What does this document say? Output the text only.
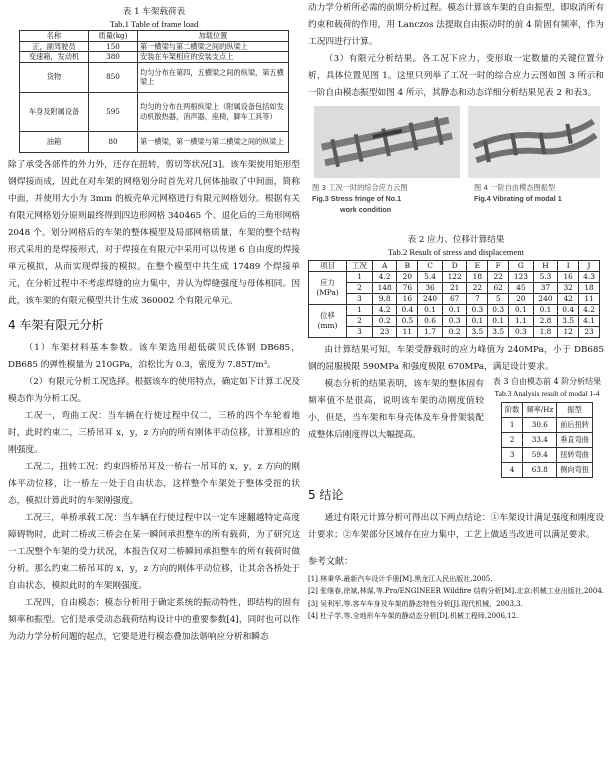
表 1 车架载荷表
Tab.1 Table of frame load
名称	质量(kg)	加载位置
正，副驾驶员	150	第一横梁与第二横梁之间的纵梁上
变速箱，发动机	380	安装在车架相应的安装支点上
货物	850	均匀分布在第四，五横梁之间的纵梁，第五横梁上
车身及附属设备	595	均匀的分布在两根纵梁上（附属设备包括如发动机散热器，消声器，座椅，脚车工具等）
油箱	80	第一横梁，第一横梁与第二横梁之间的纵梁上

除了承受各部件的外力外，还存在扭转，剪切等状况[3]。该车架使用矩形型钢焊接而成，因此在对车架的网格划分时首先对几何体抽取了中间面，简称中面，并使用大小为 3mm 的板壳单元网格进行有限元网格划分。根据有关有限元网格划分原则最终得到四边形网格 340465 个、退化后的三角形网格 2048 个。划分网格后的车架的整体模型及局部网格质量，车架的整个结构形式采用的是焊接形式，对于焊接在有限元中采用可以传递 6 自由度的焊接单元模拟，从而实现焊接的模拟。在整个模型中共生成 17489 个焊接单元，在分析过程中不考虑焊缝的应力集中，并认为焊缝强度与母体相同。因此，该车架的有限元模型共计生成 360002 个有限元单元。

4 车架有限元分析

（1）车架材料基本参数。该车架选用超低碳贝氏体钢 DB685，DB685 的弹性模量为 210GPa，泊松比为 0.3，密度为 7.85T/m³。

（2）有限元分析工况选择。根据该车的使用特点，确定如下计算工况及模态作为分析工况。

工况一，弯曲工况：当车辆在行使过程中仅二，三桥的四个车轮着地时，此时约束二，三桥吊耳 x，y，z 方向的所有刚体平动位移，计算相应的刚强度。

工况二，扭转工况：约束四桥吊耳及一桥右一吊耳的 x，y，z 方向的刚体平动位移，让一桥左一处于自由状态，这样整个车架处于整体受扭的状态，模拟计算此时的车架刚强度。

工况三，单桥承载工况：当车辆在行使过程中以一定车速翻越特定高度障碍物时，此时二桥或三桥会在某一瞬间承担整车的所有载荷，为了研究这一工况整个车架的受力状况，本报告仅对二桥瞬间承担整车的所有载荷时做分析。那么约束二桥吊耳的 x，y，z 方向的刚体平动位移，让其余各桥处于自由状态，模拟此时的车架刚强度。

工况四，自由模态：模态分析用于确定系统的振动特性，即结构的固有频率和振型。它们是承受动态载荷结构设计中的重要参数[4]，同时也可以作为动力学分析问题的起点，它要是进行模态叠加法谐响应分析和瞬态

动力学分析所必需的前期分析过程。模态计算该车架的自由振型，即取消所有约束和载荷的作用，用 Lanczos 法提取自由振动时的前 4 阶固有频率，作为工况四进行计算。

（3）有限元分析结果。各工况下应力，变形取一定数量的关键位置分析，具体位置见图 1。这里只列举了工况一时的综合应力云图如图 3 所示和一阶自由模态振型如图 4 所示，其静态和动态详细分析结果见表 2 和表3。

图 3 工况一时的综合应力云图
Fig.3 Stress fringe of No.1
work condition
图 4 一阶自由模态图振型
Fig.4 Vibrating of modal 1
表 2 应力、位移计算结果
Tab.2 Result of stress and displacement
项目	工况	A	B	C	D	E	F	G	H	I	J

应力
(MPa)	1	4.2	20	5.4	122	18	22	123	5.3	16	4.3
	2	148	76	36	21	22	62	45	37	32	18
	3	9.8	16	240	67	7	5	20	240	42	11

位移
(mm)	1	4.2	0.4	0.1	0.1	0.3	0.3	0.1	0.1	0.4	4.2
	2	0.2	0.5	0.6	0.3	0.1	0.1	1.1	2.8	3.5	4.1
	3	23	11	1.7	0.2	3.5	3.5	0.3	1.8	12	23

由计算结果可知，车架受静载时的应力峰值为 240MPa，小于 DB685 钢的屈服极限 590MPa 和强度极限 670MPa，满足设计要求。

模态分析的结果表明，该车架的整体固有频率值不是很高，说明该车架的动刚度值较小，但是，当车架和车身壳体及车身骨架装配成整体后刚度得以大幅提高。

表 3 自由模态前 4 阶分析结果
Tab.3 Analysis result of modal 1-4
阶数	频率/Hz	振型
1	30.6	前后扭转
2	33.4	垂直弯曲
3	59.4	扭转弯曲
4	63.8	侧向弯扭
5 结论

通过有限元计算分析可得出以下两点结论：①车架设计满足强度和刚度设计要求；②车架部分区域存在应力集中，工艺上做适当改进可以满足要求。

参考文献：

[1] 林秉华.最新汽车设计手册[M].黑龙江人民出版社,2005.

[2] 张继春,徐斌,林谋,等.Pro/ENGINEER Wildfire 结构分析[M].北京:机械工业出版社,2004.

[3] 吴利军,等.客车车身及车架的静态特性分析[J].现代机械，2003,3.

[4] 杜子学,等.全地形车车架的静动态分析[D].机械工程师,2006,12.
